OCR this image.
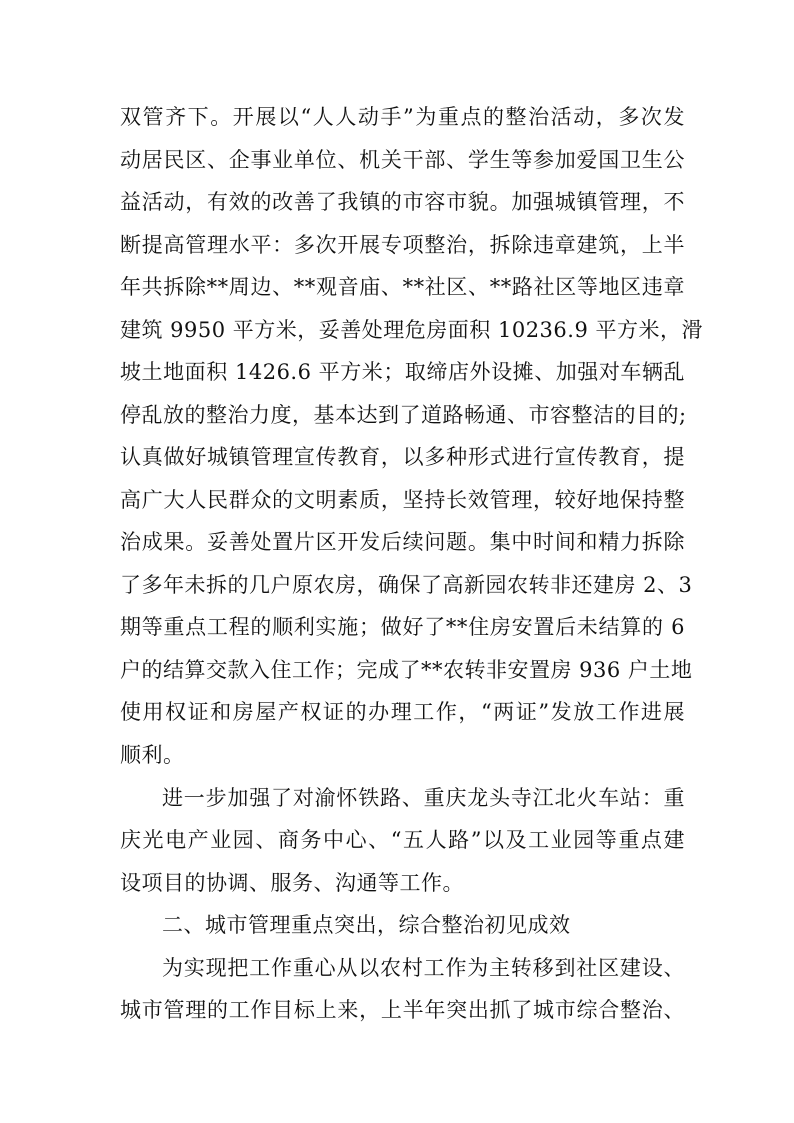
双管齐下。开展以“人人动手”为重点的整治活动，多次发
动居民区、企事业单位、机关干部、学生等参加爱国卫生公
益活动，有效的改善了我镇的市容市貌。加强城镇管理，不
断提高管理水平：多次开展专项整治，拆除违章建筑，上半
年共拆除**周边、**观音庙、**社区、**路社区等地区违章
建筑 9950 平方米，妥善处理危房面积 10236.9 平方米，滑
坡土地面积 1426.6 平方米；取缔店外设摊、加强对车辆乱
停乱放的整治力度，基本达到了道路畅通、市容整洁的目的;
认真做好城镇管理宣传教育，以多种形式进行宣传教育，提
高广大人民群众的文明素质，坚持长效管理，较好地保持整
治成果。妥善处置片区开发后续问题。集中时间和精力拆除
了多年未拆的几户原农房，确保了高新园农转非还建房 2、3
期等重点工程的顺利实施；做好了**住房安置后未结算的 6
户的结算交款入住工作；完成了**农转非安置房 936 户土地
使用权证和房屋产权证的办理工作，“两证”发放工作进展
顺利。
进一步加强了对渝怀铁路、重庆龙头寺江北火车站：重
庆光电产业园、商务中心、“五人路”以及工业园等重点建
设项目的协调、服务、沟通等工作。
二、城市管理重点突出，综合整治初见成效
为实现把工作重心从以农村工作为主转移到社区建设、
城市管理的工作目标上来，上半年突出抓了城市综合整治、
